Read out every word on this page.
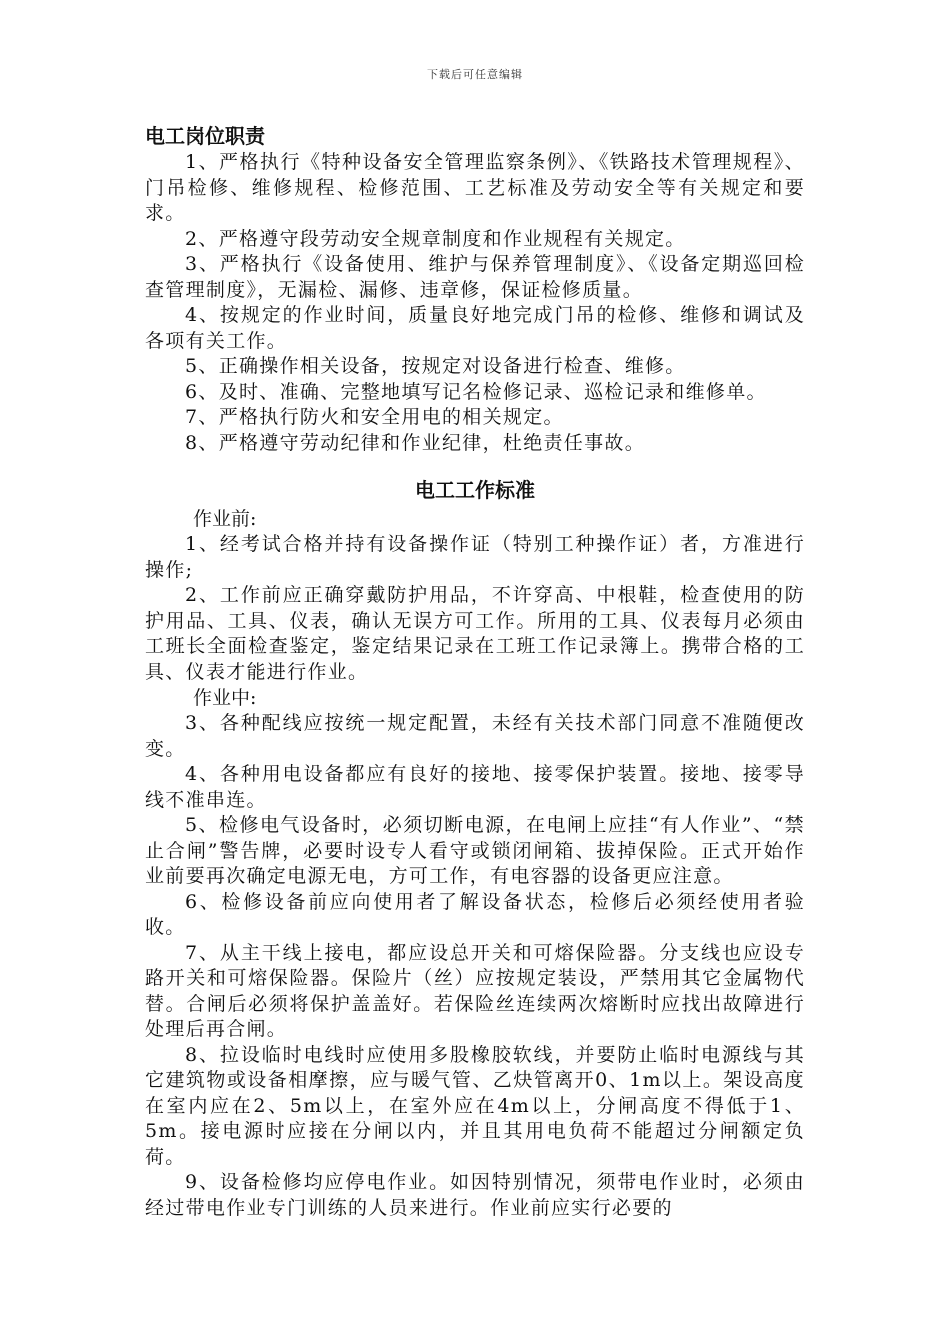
下载后可任意编辑

电工岗位职责

1、严格执行《特种设备安全管理监察条例》、《铁路技术管理规程》、门吊检修、维修规程、检修范围、工艺标准及劳动安全等有关规定和要求。

2、严格遵守段劳动安全规章制度和作业规程有关规定。

3、严格执行《设备使用、维护与保养管理制度》、《设备定期巡回检查管理制度》，无漏检、漏修、违章修，保证检修质量。

4、按规定的作业时间，质量良好地完成门吊的检修、维修和调试及各项有关工作。

5、正确操作相关设备，按规定对设备进行检查、维修。

6、及时、准确、完整地填写记名检修记录、巡检记录和维修单。

7、严格执行防火和安全用电的相关规定。

8、严格遵守劳动纪律和作业纪律，杜绝责任事故。

电工工作标准

作业前:

1、经考试合格并持有设备操作证（特别工种操作证）者，方准进行操作;

2、工作前应正确穿戴防护用品，不许穿高、中根鞋，检查使用的防护用品、工具、仪表，确认无误方可工作。所用的工具、仪表每月必须由工班长全面检查鉴定，鉴定结果记录在工班工作记录簿上。携带合格的工具、仪表才能进行作业。

作业中:

3、各种配线应按统一规定配置，未经有关技术部门同意不准随便改变。

4、各种用电设备都应有良好的接地、接零保护装置。接地、接零导线不准串连。

5、检修电气设备时，必须切断电源，在电闸上应挂“有人作业”、“禁止合闸”警告牌，必要时设专人看守或锁闭闸箱、拔掉保险。正式开始作业前要再次确定电源无电，方可工作，有电容器的设备更应注意。

6、检修设备前应向使用者了解设备状态，检修后必须经使用者验收。

7、从主干线上接电，都应设总开关和可熔保险器。分支线也应设专路开关和可熔保险器。保险片（丝）应按规定装设，严禁用其它金属物代替。合闸后必须将保护盖盖好。若保险丝连续两次熔断时应找出故障进行处理后再合闸。

8、拉设临时电线时应使用多股橡胶软线，并要防止临时电源线与其它建筑物或设备相摩擦，应与暖气管、乙炔管离开0、1m以上。架设高度在室内应在2、5m以上，在室外应在4m以上，分闸高度不得低于1、5m。接电源时应接在分闸以内，并且其用电负荷不能超过分闸额定负荷。

9、设备检修均应停电作业。如因特别情况，须带电作业时，必须由经过带电作业专门训练的人员来进行。作业前应实行必要的
